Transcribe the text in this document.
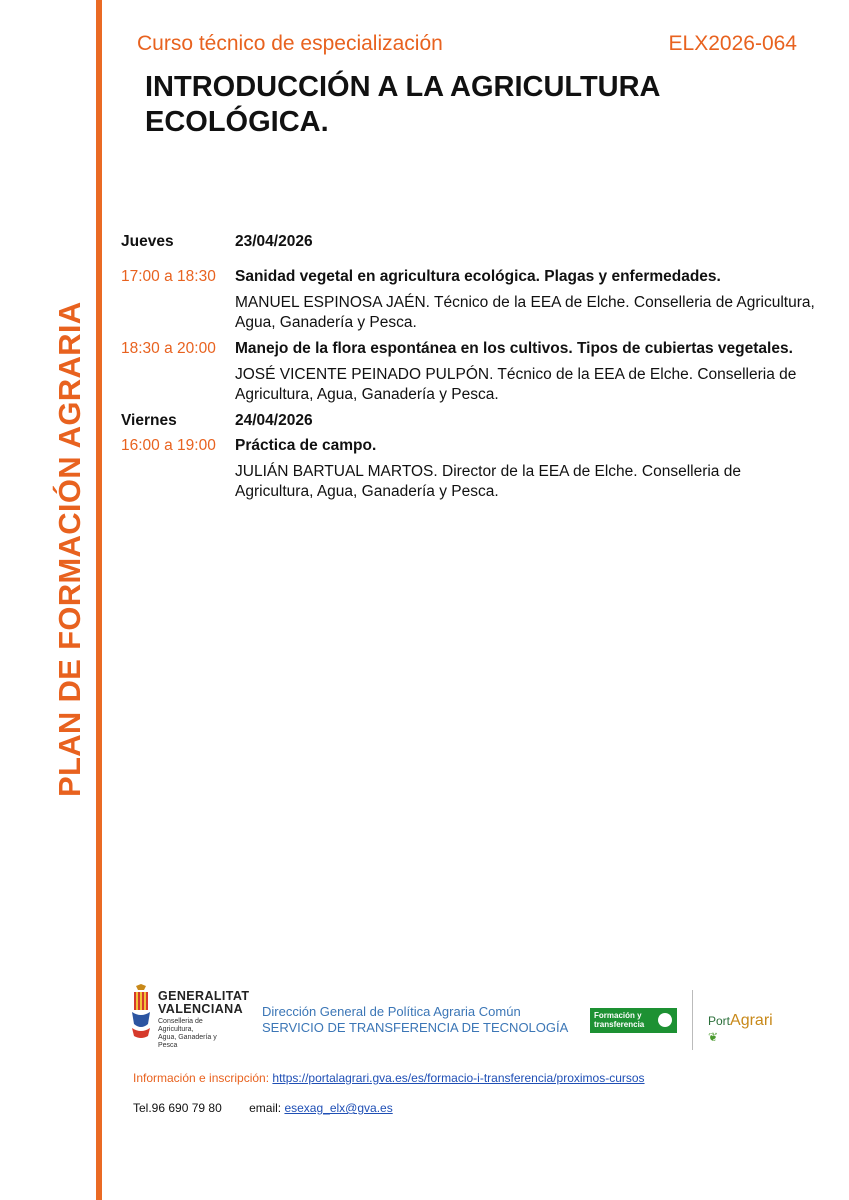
PLAN DE FORMACIÓN AGRARIA
Curso técnico de especialización	ELX2026-064
INTRODUCCIÓN A LA AGRICULTURA ECOLÓGICA.
Jueves	23/04/2026
17:00 a 18:30	Sanidad vegetal en agricultura ecológica. Plagas y enfermedades.
MANUEL ESPINOSA JAÉN. Técnico de la EEA de Elche. Conselleria de Agricultura, Agua, Ganadería y Pesca.
18:30 a 20:00	Manejo de la flora espontánea en los cultivos. Tipos de cubiertas vegetales.
JOSÉ VICENTE PEINADO PULPÓN. Técnico de la EEA de Elche. Conselleria de Agricultura, Agua, Ganadería y Pesca.
Viernes	24/04/2026
16:00 a 19:00	Práctica de campo.
JULIÁN BARTUAL MARTOS. Director de la EEA de Elche. Conselleria de Agricultura, Agua, Ganadería y Pesca.
GENERALITAT
VALENCIANA
Conselleria de Agricultura,
Agua, Ganadería y Pesca
Dirección General de Política Agraria Común
SERVICIO DE TRANSFERENCIA DE TECNOLOGÍA
Formación y
transferencia	PortAgrari ❦
Información e inscripción: https://portalagrari.gva.es/es/formacio-i-transferencia/proximos-cursos
Tel.96 690 79 80 email: esexag_elx@gva.es
